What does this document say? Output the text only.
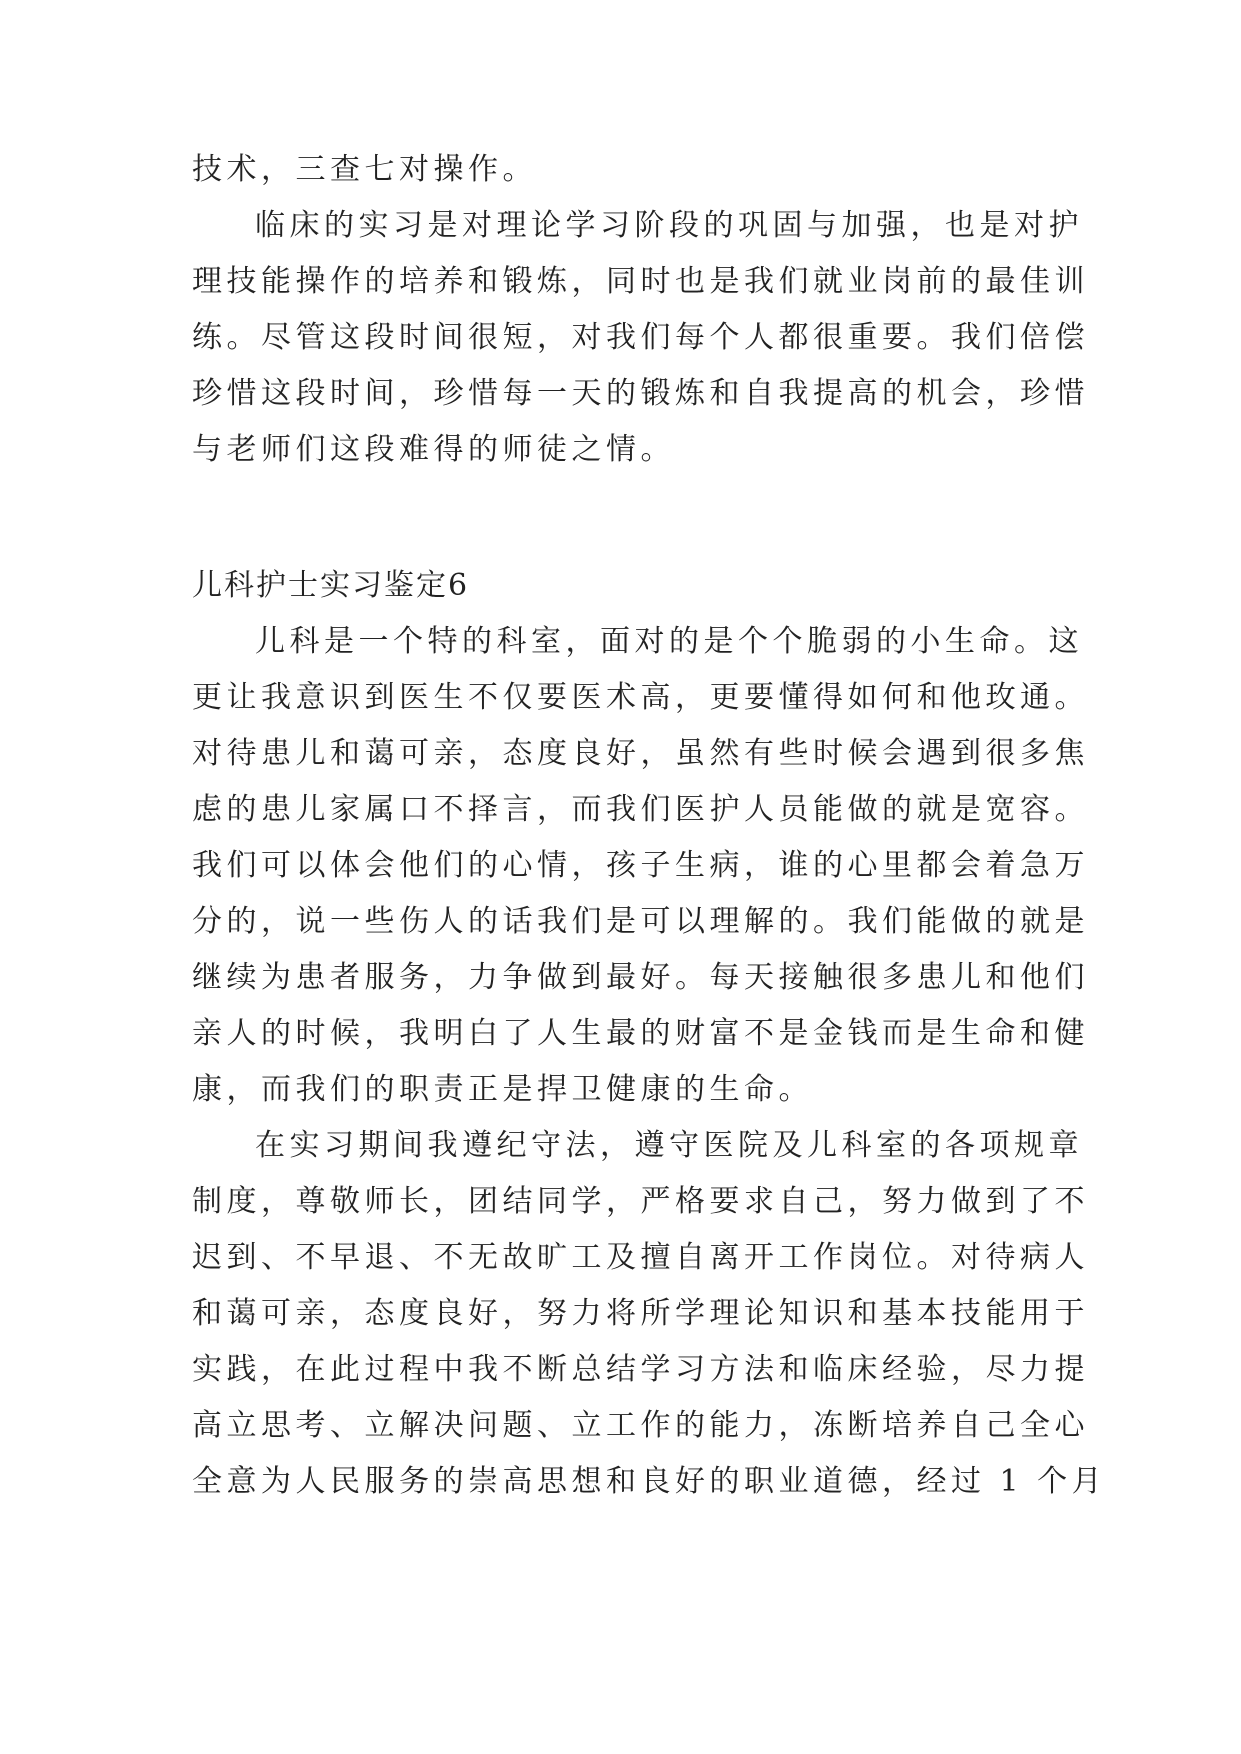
技术，三查七对操作。
临床的实习是对理论学习阶段的巩固与加强，也是对护
理技能操作的培养和锻炼，同时也是我们就业岗前的最佳训
练。尽管这段时间很短，对我们每个人都很重要。我们倍偿
珍惜这段时间，珍惜每一天的锻炼和自我提高的机会，珍惜
与老师们这段难得的师徒之情。
儿科护士实习鉴定6
儿科是一个特的科室，面对的是个个脆弱的小生命。这
更让我意识到医生不仅要医术高，更要懂得如何和他玫通。
对待患儿和蔼可亲，态度良好，虽然有些时候会遇到很多焦
虑的患儿家属口不择言，而我们医护人员能做的就是宽容。
我们可以体会他们的心情，孩子生病，谁的心里都会着急万
分的，说一些伤人的话我们是可以理解的。我们能做的就是
继续为患者服务，力争做到最好。每天接触很多患儿和他们
亲人的时候，我明白了人生最的财富不是金钱而是生命和健
康，而我们的职责正是捍卫健康的生命。
在实习期间我遵纪守法，遵守医院及儿科室的各项规章
制度，尊敬师长，团结同学，严格要求自己，努力做到了不
迟到、不早退、不无故旷工及擅自离开工作岗位。对待病人
和蔼可亲，态度良好，努力将所学理论知识和基本技能用于
实践，在此过程中我不断总结学习方法和临床经验，尽力提
高立思考、立解决问题、立工作的能力，冻断培养自己全心
全意为人民服务的崇高思想和良好的职业道德，经过 1 个月
